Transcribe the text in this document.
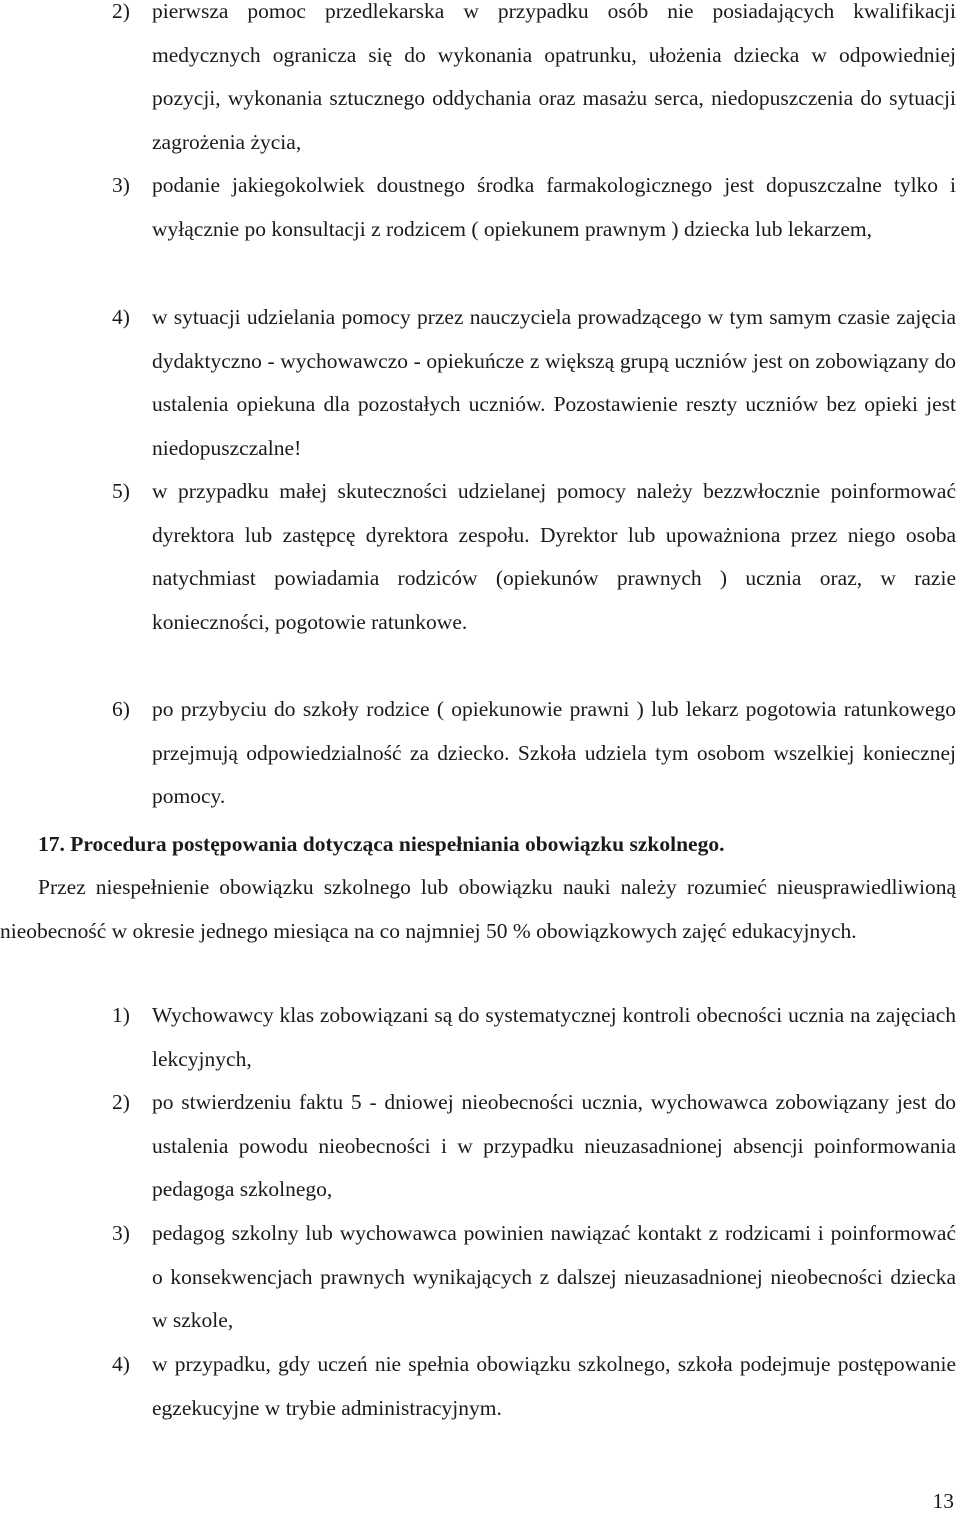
2) pierwsza pomoc przedlekarska w przypadku osób nie posiadających kwalifikacji medycznych ogranicza się do wykonania opatrunku, ułożenia dziecka w odpowiedniej pozycji, wykonania sztucznego oddychania oraz masażu serca, niedopuszczenia do sytuacji zagrożenia życia,
3) podanie jakiegokolwiek doustnego środka farmakologicznego jest dopuszczalne tylko i wyłącznie po konsultacji z rodzicem ( opiekunem prawnym ) dziecka lub lekarzem,
4) w sytuacji udzielania pomocy przez nauczyciela prowadzącego w tym samym czasie zajęcia dydaktyczno - wychowawczo - opiekuńcze z większą grupą uczniów jest on zobowiązany do ustalenia opiekuna dla pozostałych uczniów. Pozostawienie reszty uczniów bez opieki jest niedopuszczalne!
5) w przypadku małej skuteczności udzielanej pomocy należy bezzwłocznie poinformować dyrektora lub zastępcę dyrektora zespołu. Dyrektor lub upoważniona przez niego osoba natychmiast powiadamia rodziców (opiekunów prawnych ) ucznia oraz, w razie konieczności, pogotowie ratunkowe.
6) po przybyciu do szkoły rodzice ( opiekunowie prawni ) lub lekarz pogotowia ratunkowego przejmują odpowiedzialność za dziecko. Szkoła udziela tym osobom wszelkiej koniecznej pomocy.
17. Procedura postępowania dotycząca niespełniania obowiązku szkolnego.
Przez niespełnienie obowiązku szkolnego lub obowiązku nauki należy rozumieć nieusprawiedliwioną nieobecność w okresie jednego miesiąca na co najmniej 50 % obowiązkowych zajęć edukacyjnych.
1) Wychowawcy klas zobowiązani są do systematycznej kontroli obecności ucznia na zajęciach lekcyjnych,
2) po stwierdzeniu faktu 5 - dniowej nieobecności ucznia, wychowawca zobowiązany jest do ustalenia powodu nieobecności i w przypadku nieuzasadnionej absencji poinformowania pedagoga szkolnego,
3) pedagog szkolny lub wychowawca powinien nawiązać kontakt z rodzicami i poinformować o konsekwencjach prawnych wynikających z dalszej nieuzasadnionej nieobecności dziecka w szkole,
4) w przypadku, gdy uczeń nie spełnia obowiązku szkolnego, szkoła podejmuje postępowanie egzekucyjne w trybie administracyjnym.
13
